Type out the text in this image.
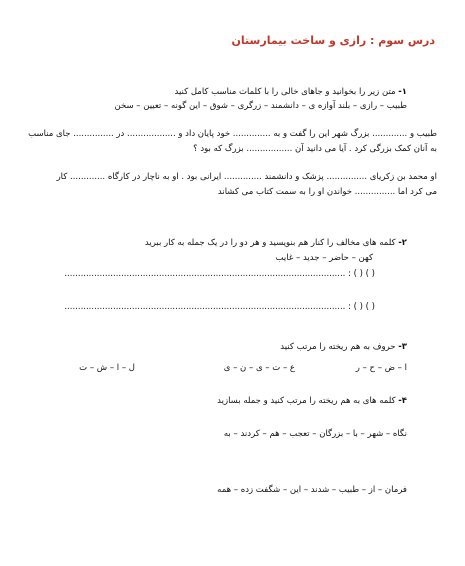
درس سوم : رازی و ساخت بیمارستان
۱- متن زیر را بخوانید و جاهای خالی را با کلمات مناسب کامل کنید
طبیب – رازی – بلند آوازه ی – دانشمند – زرگری – شوق – این گونه – تعیین – سخن
طبیب و ............. بزرگ شهر این را گفت و به .............. خود پایان داد و .................. در ............... جای مناسب
به آنان کمک بزرگی کرد . آیا می دانید آن ................. بزرگ که بود ؟
او محمد بن زکریای ............... پزشک و دانشمند .............. ایرانی بود . او به ناچار در کارگاه ............. کار
می کرد اما ............... خواندن او را به سمت کتاب می کشاند
۲- کلمه های مخالف را کنار هم بنویسید و هر دو را در یک جمله به کار ببرید
کهن – حاضر – جدید – غایب
( ) ( ) : ........................................................................................................
( ) ( ) : ........................................................................................................
۳- حروف به هم ریخته را مرتب کنید
ا – ض – ح – ر
ع – ت – ی – ن – ی
ل – ا – ش – ت
۴- کلمه های به هم ریخته را مرتب کنید و جمله بسازید
نگاه – شهر – با – بزرگان – تعجب – هم – کردند – به
فرمان – از – طبیب – شدند – این – شگفت زده – همه
